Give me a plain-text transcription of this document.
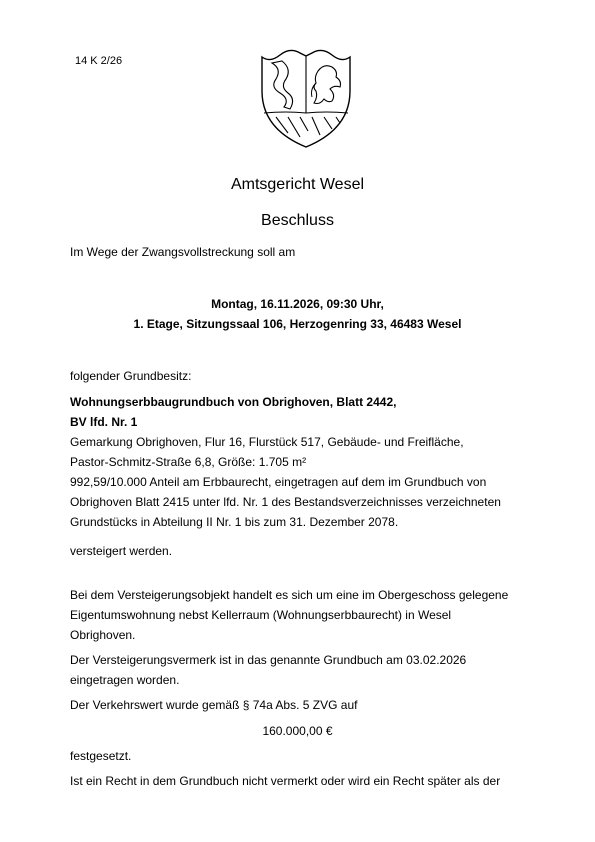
14 K 2/26
Amtsgericht Wesel
Beschluss
Im Wege der Zwangsvollstreckung soll am
Montag, 16.11.2026, 09:30 Uhr,
1. Etage, Sitzungssaal 106, Herzogenring 33, 46483 Wesel
folgender Grundbesitz:
Wohnungserbbaugrundbuch von Obrighoven, Blatt 2442,
BV lfd. Nr. 1
Gemarkung Obrighoven, Flur 16, Flurstück 517, Gebäude- und Freifläche,
Pastor-Schmitz-Straße 6,8, Größe: 1.705 m²
992,59/10.000 Anteil am Erbbaurecht, eingetragen auf dem im Grundbuch von
Obrighoven Blatt 2415 unter lfd. Nr. 1 des Bestandsverzeichnisses verzeichneten
Grundstücks in Abteilung II Nr. 1 bis zum 31. Dezember 2078.
versteigert werden.
Bei dem Versteigerungsobjekt handelt es sich um eine im Obergeschoss gelegene
Eigentumswohnung nebst Kellerraum (Wohnungserbbaurecht) in Wesel
Obrighoven.
Der Versteigerungsvermerk ist in das genannte Grundbuch am 03.02.2026
eingetragen worden.
Der Verkehrswert wurde gemäß § 74a Abs. 5 ZVG auf
160.000,00 €
festgesetzt.
Ist ein Recht in dem Grundbuch nicht vermerkt oder wird ein Recht später als der
